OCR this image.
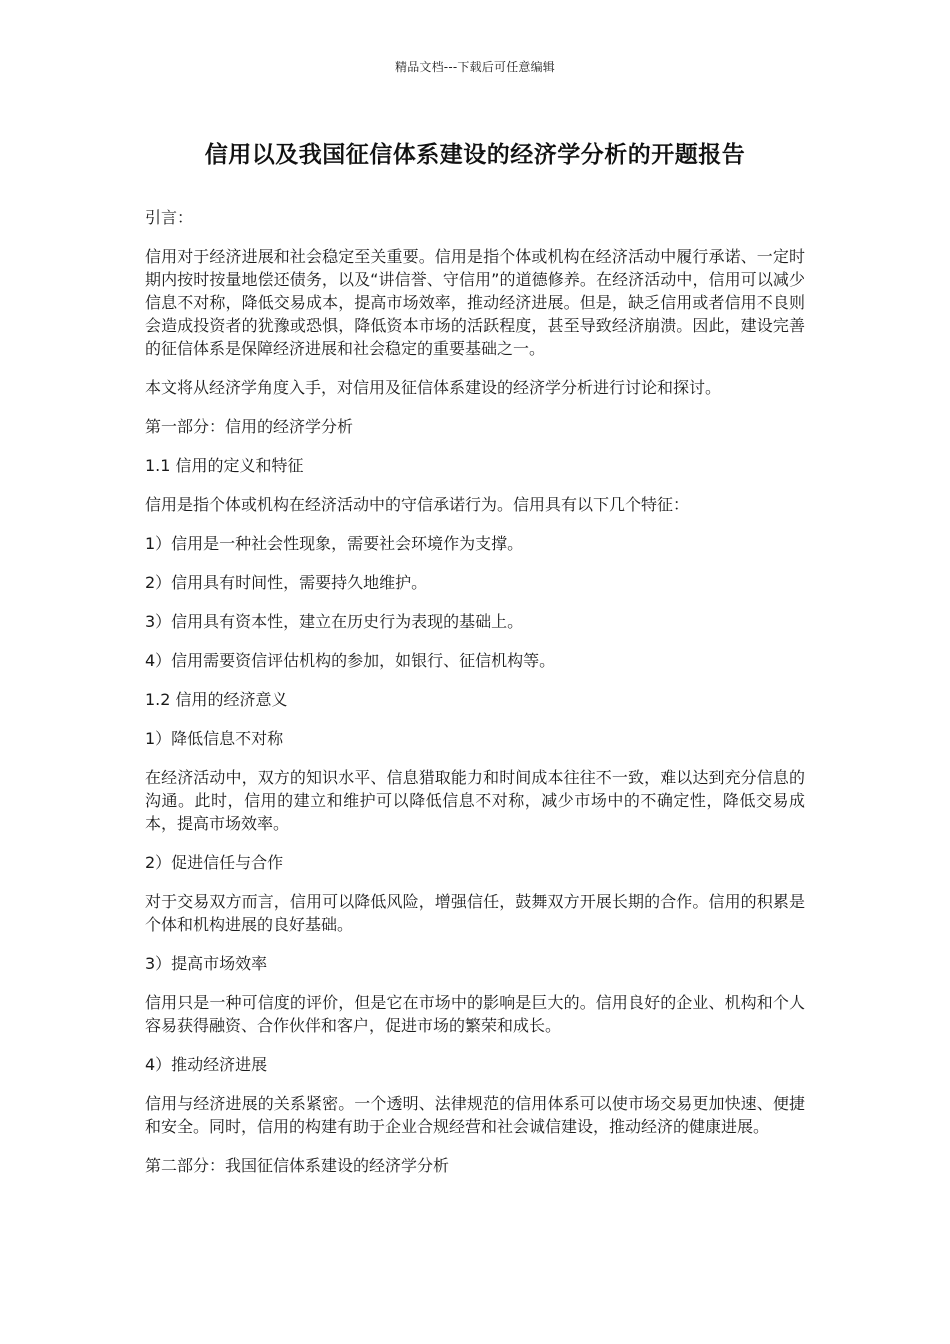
精品文档---下载后可任意编辑
信用以及我国征信体系建设的经济学分析的开题报告

引言：

信用对于经济进展和社会稳定至关重要。信用是指个体或机构在经济活动中履行承诺、一定时期内按时按量地偿还债务，以及“讲信誉、守信用”的道德修养。在经济活动中，信用可以减少信息不对称，降低交易成本，提高市场效率，推动经济进展。但是，缺乏信用或者信用不良则会造成投资者的犹豫或恐惧，降低资本市场的活跃程度，甚至导致经济崩溃。因此，建设完善的征信体系是保障经济进展和社会稳定的重要基础之一。

本文将从经济学角度入手，对信用及征信体系建设的经济学分析进行讨论和探讨。

第一部分：信用的经济学分析

1.1 信用的定义和特征

信用是指个体或机构在经济活动中的守信承诺行为。信用具有以下几个特征：

1）信用是一种社会性现象，需要社会环境作为支撑。

2）信用具有时间性，需要持久地维护。

3）信用具有资本性，建立在历史行为表现的基础上。

4）信用需要资信评估机构的参加，如银行、征信机构等。

1.2 信用的经济意义

1）降低信息不对称

在经济活动中，双方的知识水平、信息猎取能力和时间成本往往不一致，难以达到充分信息的沟通。此时，信用的建立和维护可以降低信息不对称，减少市场中的不确定性，降低交易成本，提高市场效率。

2）促进信任与合作

对于交易双方而言，信用可以降低风险，增强信任，鼓舞双方开展长期的合作。信用的积累是个体和机构进展的良好基础。

3）提高市场效率

信用只是一种可信度的评价，但是它在市场中的影响是巨大的。信用良好的企业、机构和个人容易获得融资、合作伙伴和客户，促进市场的繁荣和成长。

4）推动经济进展

信用与经济进展的关系紧密。一个透明、法律规范的信用体系可以使市场交易更加快速、便捷和安全。同时，信用的构建有助于企业合规经营和社会诚信建设，推动经济的健康进展。

第二部分：我国征信体系建设的经济学分析
